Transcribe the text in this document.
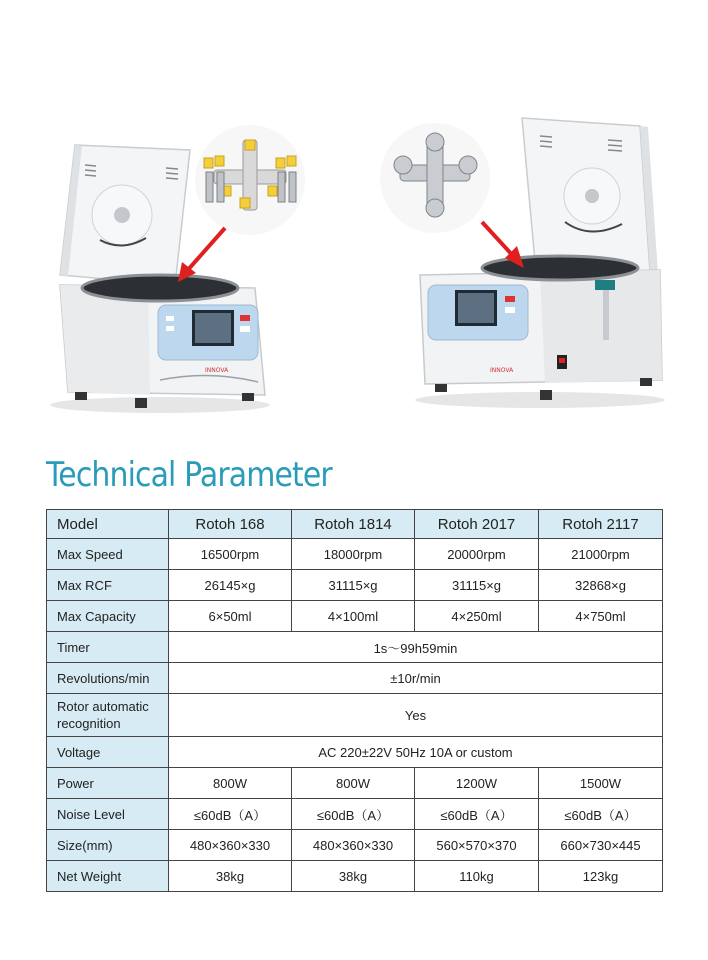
INNOVA	INNOVA
Technical Parameter
Model	Rotoh 168	Rotoh 1814	Rotoh 2017	Rotoh 2117
Max Speed	16500rpm	18000rpm	20000rpm	21000rpm
Max RCF	26145×g	31115×g	31115×g	32868×g
Max Capacity	6×50ml	4×100ml	4×250ml	4×750ml
Timer	1s～99h59min			
Revolutions/min	±10r/min			
Rotor automatic
recognition	Yes			
Voltage	AC 220±22V 50Hz 10A or custom			
Power	800W	800W	1200W	1500W
Noise Level	≤60dB（A）	≤60dB（A）	≤60dB（A）	≤60dB（A）
Size(mm)	480×360×330	480×360×330	560×570×370	660×730×445
Net Weight	38kg	38kg	110kg	123kg
